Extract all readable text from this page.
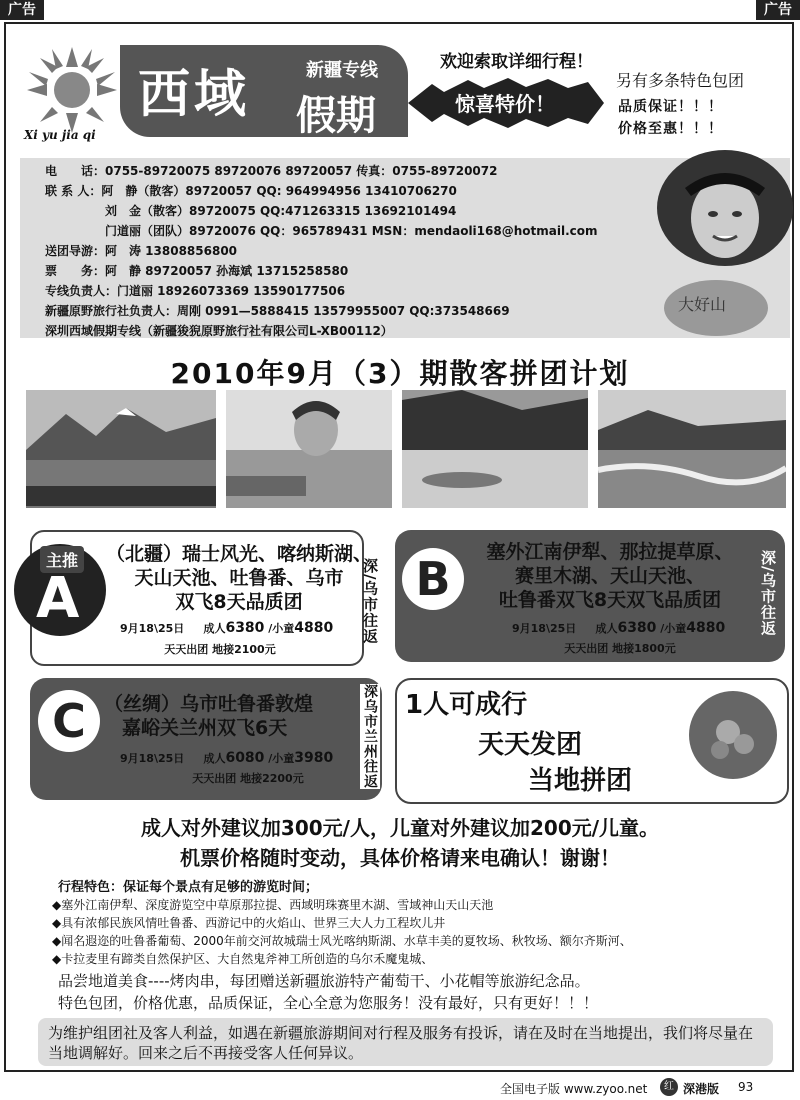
广告	广告
Xi yu jia qi
西域 假期
新疆专线	欢迎索取详细行程！
惊喜特价！
另有多条特色包团
品质保证！！！
价格至惠！！！
电　　话：0755-89720075 89720076 89720057 传真：0755-89720072
联 系 人：阿　静（散客）89720057 QQ: 964994956 13410706270
　　　　　刘　金（散客）89720075 QQ:471263315 13692101494
　　　　　门道丽（团队）89720076 QQ：965789431 MSN：mendaoli168@hotmail.com
送团导游：阿　涛 13808856800
票　　务：阿　静 89720057 孙海斌 13715258580
专线负责人：门道丽 18926073369 13590177506
新疆原野旅行社负责人：周刚 0991—5888415 13579955007 QQ:373548669
深圳西域假期专线（新疆狻猊原野旅行社有限公司L-XB00112）
大好山
2010年9月（3）期散客拼团计划
主推
A
（北疆）瑞士风光、喀纳斯湖、
天山天池、吐鲁番、乌市
双飞8天品质团
9月18\25日 成人6380 /小童4880
天天出团 地接2100元
深/乌市往返 B	塞外江南伊犁、那拉提草原、
赛里木湖、天山天池、
吐鲁番双飞8天双飞品质团
9月18\25日 成人6380 /小童4880
天天出团 地接1800元
深/乌市往返
C （丝绸）乌市吐鲁番敦煌
嘉峪关兰州双飞6天
9月18\25日 成人6080 /小童3980
天天出团 地接2200元	深乌市兰州往返 1人可成行
天天发团
当地拼团
成人对外建议加300元/人，儿童对外建议加200元/儿童。
机票价格随时变动，具体价格请来电确认！谢谢！
行程特色：保证每个景点有足够的游览时间；
◆塞外江南伊犁、深度游览空中草原那拉提、西域明珠赛里木湖、雪域神山天山天池
◆具有浓郁民族风情吐鲁番、西游记中的火焰山、世界三大人力工程坎儿井
◆闻名遐迩的吐鲁番葡萄、2000年前交河故城瑞士风光喀纳斯湖、水草丰美的夏牧场、秋牧场、额尔齐斯河、
◆卡拉麦里有蹄类自然保护区、大自然鬼斧神工所创造的乌尔禾魔鬼城、
品尝地道美食----烤肉串，每团赠送新疆旅游特产葡萄干、小花帽等旅游纪念品。
特色包团，价格优惠，品质保证，全心全意为您服务！没有最好，只有更好！！！
为维护组团社及客人利益，如遇在新疆旅游期间对行程及服务有投诉，请在及时在当地提出，我们将尽量在当地调解好。回来之后不再接受客人任何异议。
全国电子版 www.zyoo.net	红 深港版 93
